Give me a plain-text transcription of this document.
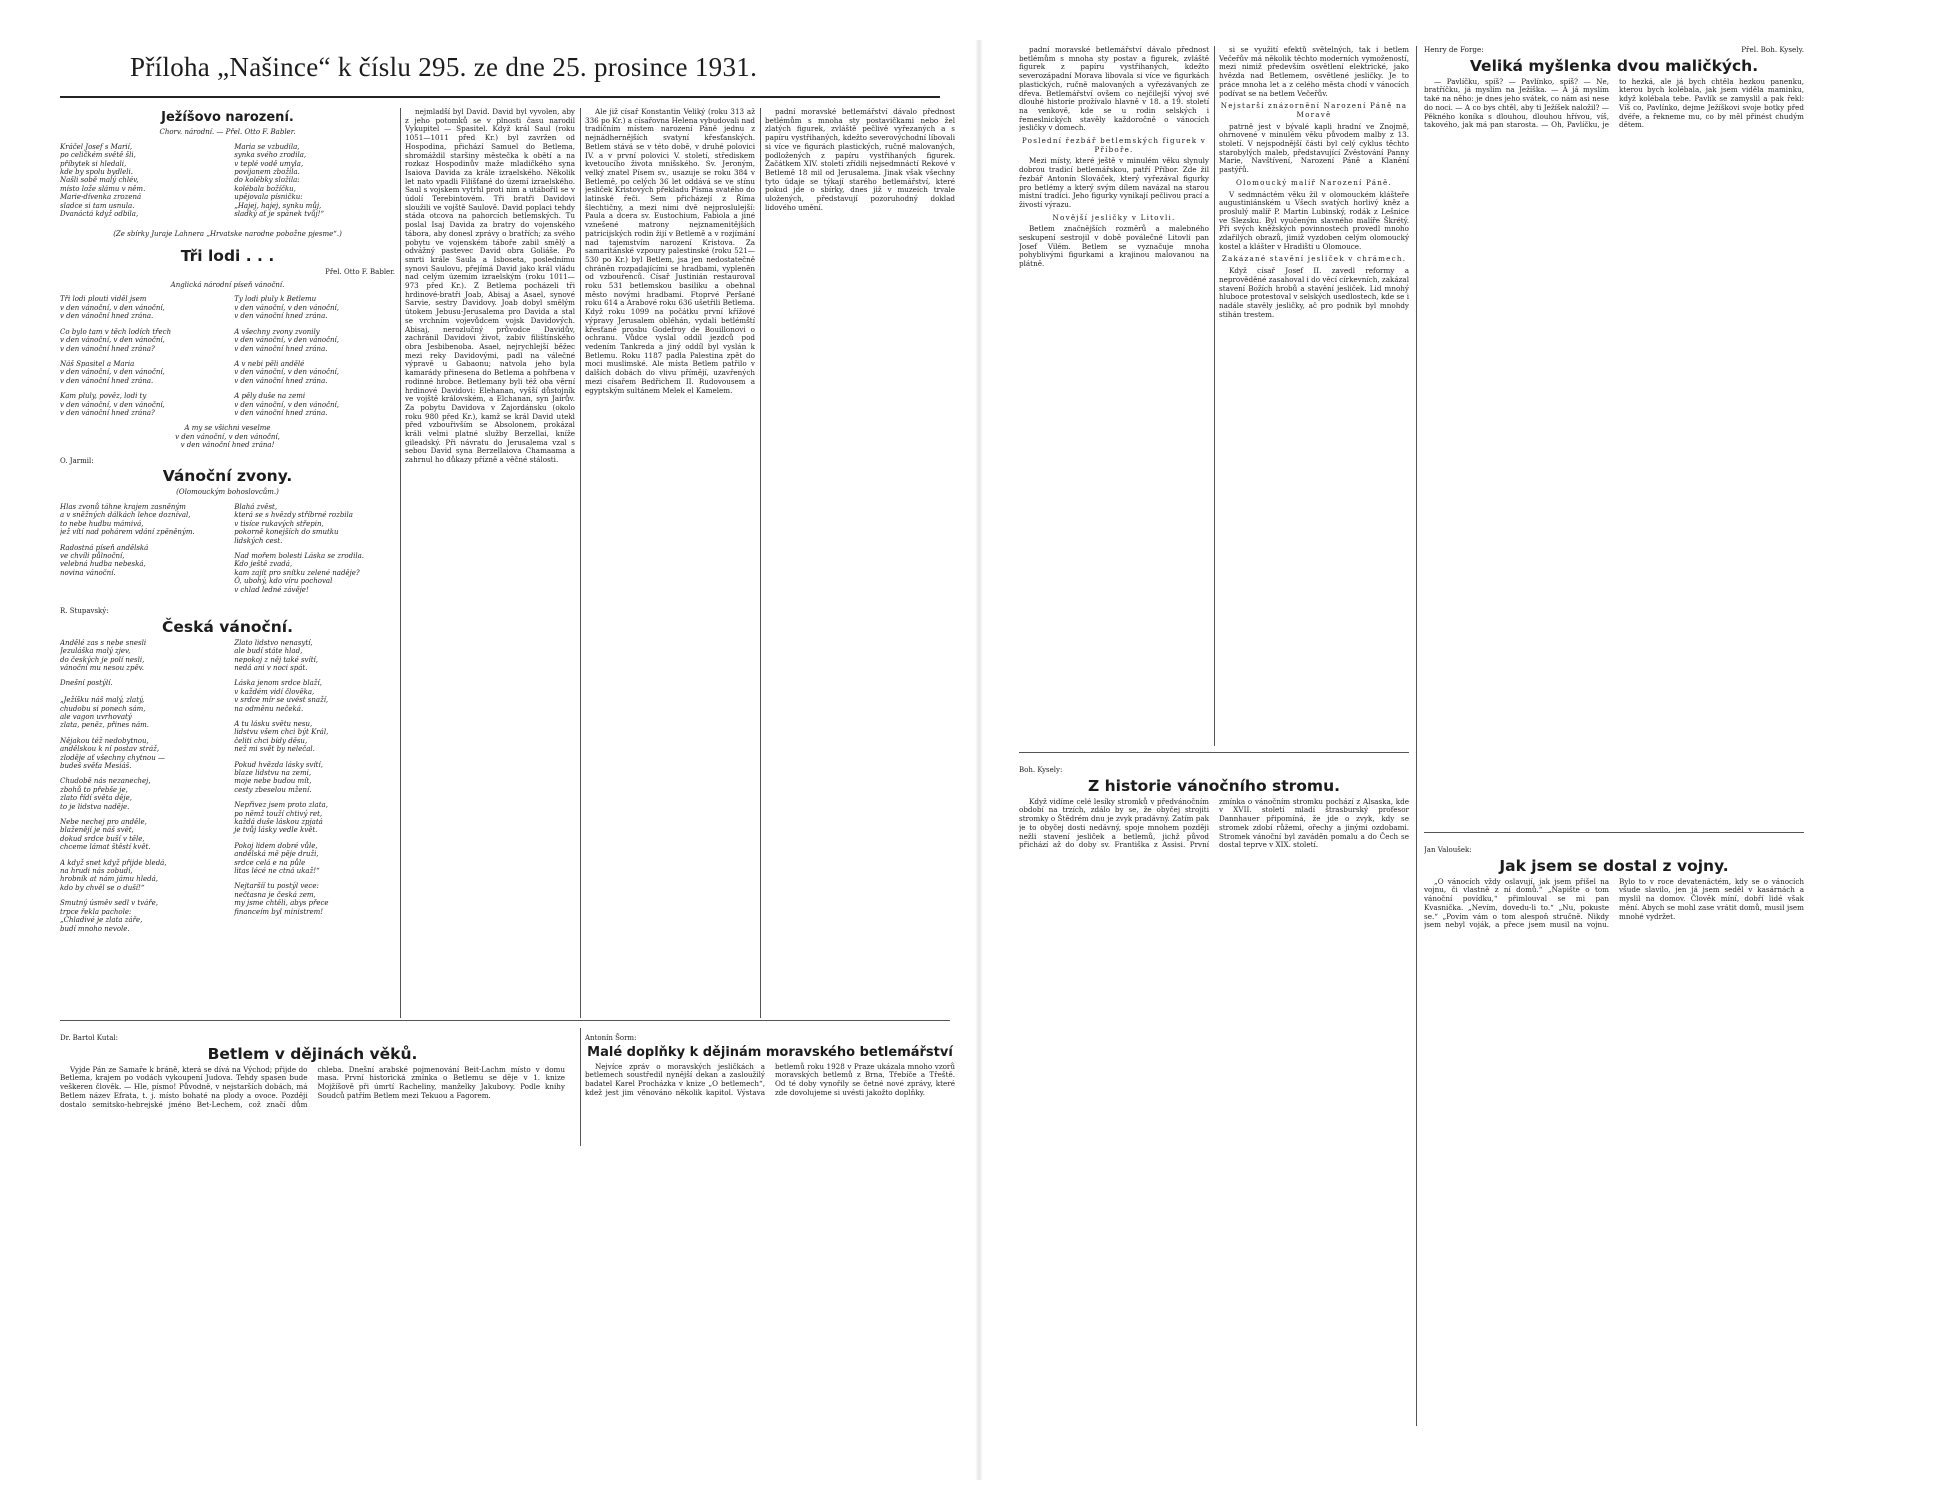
Příloha „Našince“ k číslu 295. ze dne 25. prosince 1931.
Ježíšovo narození.
Chorv. národní. — Přel. Otto F. Babler.
Kráčel Josef s Marií,
po celičkém světě šli,
příbytek si hledali,
kde by spolu bydleli.
Našli sobě malý chlév,
místo lože slámu v něm.
Marie-dívenka zrozená
sladce si tam usnula.
Dvanáctá když odbila,
Maria se vzbudila,
synka svého zrodila,
v teplé vodě umyla,
povijanem zbožila.
do kolébky složila:
kolébala božíčku,
upějovala písničku:
„Hajej, hajej, synku můj,
sladký ať je spánek tvůj!“
(Ze sbírky Juraje Lahnera „Hrvatske narodne pobožne pjesme“.)
Tři lodi . . .
Přel. Otto F. Babler.
Anglická národní píseň vánoční.
Tři lodi plouti viděl jsem
v den vánoční, v den vánoční,
v den vánoční hned zrána.
Co bylo tam v těch lodích třech
v den vánoční, v den vánoční,
v den vánoční hned zrána?
Náš Spasitel a Maria
v den vánoční, v den vánoční,
v den vánoční hned zrána.
Kam pluly, pověz, lodi ty
v den vánoční, v den vánoční,
v den vánoční hned zrána?
Ty lodi pluly k Betlemu
v den vánoční, v den vánoční,
v den vánoční hned zrána.
A všechny zvony zvonily
v den vánoční, v den vánoční,
v den vánoční hned zrána.
A v nebi pěli andělé
v den vánoční, v den vánoční,
v den vánoční hned zrána.
A pěly duše na zemi
v den vánoční, v den vánoční,
v den vánoční hned zrána.
A my se všichni veselme
v den vánoční, v den vánoční,
v den vánoční hned zrána!
O. Jarmil:
Vánoční zvony.
(Olomouckým bohoslovcům.)
Hlas zvonů táhne krajem zasněným
a v sněžných dálkách lehce dozníval,
to nebe hudbu mámivá,
jež vítí nad pohárem vdání zpěněným.
Radostná píseň andělská
ve chvíli půlnoční,
velebná hudba nebeská,
novina vánoční.
Blahá zvěst,
která se s hvězdy stříbrné rozbila
v tisíce rukavých střepin,
pokorně konejších do smutku
lidských cest.
Nad mořem bolesti Láska se zrodila.
Kdo ještě zvadá,
kam zajít pro snítku zelené naděje?
Ó, ubohý, kdo víru pochoval
v chlad ledné závěje!
R. Stupavský:
Česká vánoční.
Andělé zas s nebe snesli
Jezuláška malý zjev,
do českých je polí nesli,
vánoční mu nesou zpěv.
Dnešní postýlí.

„Ježíšku náš malý, zlatý,
chudobu si ponech sám,
ale vagon uvrhovatý
zlata, peněz, přines nám.
Nějakou též nedobytnou,
andělskou k ní postav stráž,
zloděje ať všechny chytnou —
budeš svěťa Mesiáš.
Chudobě nás nezanechej,
zbohů to přebše je,
zlato řídí světa děje,
to je lidstva naděje.
Nebe nechej pro anděle,
blaženějí je náš svět,
dokud srdce buší v těle,
chceme lámat štěstí květ.
A když snet když přijde bledá,
na hrudi nás zobudí,
hrobník at nám jámu hledá,
kdo by chvěl se o duší!“
Smutný úsměv sedl v tváře,
trpce řekla pachole:
„Chladivé je zlata záře,
budí mnoho nevole.
Zlato lidstvo nenasytí,
ale budí státe hlad,
nepokoj z něj také svítí,
nedá ani v noci spát.
Láska jenom srdce blaží,
v každém vidí člověka,
v srdce mír se uvést snaží,
na odměnu nečeká.
A tu lásku světu nesu,
lidstvu všem chci být Král,
čeliti chci bídy děsu,
než mi svět by nelečal.
Pokud hvězda lásky svítí,
blaze lidstvu na zemi,
moje nebe budou mít,
cesty zbeselou mžení.
Nepřivez jsem proto zlata,
po němž touží chtivý ret,
každá duše láskou zpjatá
je tvůj lásky vedle květ.
Pokoj lidem dobré vůle,
andělská mě pěje druži,
srdce celá e na půle
litas lécé ne ctná ukaž!“
Nejtaršíí tu postýl vece:
nečtasna je česká zem,
my jsme chtěli, abys přece
financeím byl ministrem!

nejmladší byl David. David byl vyvolen, aby z jeho potomků se v plnosti času narodil Vykupitel — Spasitel. Když král Saul (roku 1051—1011 před Kr.) byl zavržen od Hospodina, přichází Samuel do Betlema, shromáždil staršiny městečka k obětí a na rozkaz Hospodinův maže mladičkého syna Isaiova Davida za krále izraelského. Několik let nato vpadli Filišťané do území izraelského. Saul s vojskem vytrhl proti nim a utábořil se v údolí Terebintovém. Tři bratři Davidovi sloužili ve vojště Saulově. David poplaci tehdy stáda otcova na pahorcích betlemských. Tu poslal Isaj Davida za bratry do vojenského tábora, aby donesl zprávy o bratřích; za svého pobytu ve vojenském táboře zabil smělý a odvážný pastevec David obra Goliáše. Po smrti krále Saula a Isboseta, poslednímu synovi Saulovu, přejímá David jako král vládu nad celým územím izraelským (roku 1011—973 před Kr.). Z Betlema pocházeli tři hrdinové-bratři Joab, Abisaj a Asael, synové Sarvie, sestry Davidovy. Joab dobyl smělým útokem Jebusu-Jerusalema pro Davida a stal se vrchním vojevůdcem vojsk Davidových. Abisaj, nerozlučný průvodce Davidův, zachránil Davidovi život, zabiv filištínského obra Jesbibenoba. Asael, nejrychlejší běžec mezi reky Davidovými, padl na válečné výpravě u Gabaonu; natvola jeho byla kamarády přinesena do Betlema a pohřbena v rodinné hrobce. Betlemany byli též oba věrní hrdinové Davidovi: Elehanan, vyšší důstojník ve vojště královském, a Elchanan, syn Jairův. Za pobytu Davidova v Zajordánsku (okolo roku 980 před Kr.), kamž se král David utekl před vzbouřivším se Absolonem, prokázal králi velmi platné služby Berzellai, kníže gileadský. Při návratu do Jerusalema vzal s sebou David syna Berzellaiova Chamaama a zahrnul ho důkazy přízně a věčné stálosti.

Ale již císař Konstantin Veliký (roku 313 až 336 po Kr.) a císařovna Helena vybudovali nad tradičním místem narození Páně jednu z nejnádhernějších svatyní křesťanských. Betlem stává se v této době, v druhé polovici IV. a v první polovici V. století, střediskem kvetoucího života mnišského. Sv. Jeroným, velký znatel Písem sv., usazuje se roku 384 v Betlemě, po celých 36 let oddává se ve stínu jesliček Kristových překladu Písma svatého do latinské řeči. Sem přicházejí z Říma šlechtičny, a mezi nimi dvě nejproslulejší: Paula a dcera sv. Eustochium, Fabiola a jiné vznešené matrony nejznamenitějších patricijských rodin žijí v Betlemě a v rozjímání nad tajemstvím narození Kristova. Za samaritánské vzpoury palestinské (roku 521—530 po Kr.) byl Betlem, jsa jen nedostatečně chráněn rozpadajícími se hradbami, vypleněn od vzbouřenců. Císař Justinián restauroval roku 531 betlemskou basiliku a obehnal město novými hradbami. Ftoprvé Peršané roku 614 a Arabové roku 636 ušetřili Betlema. Když roku 1099 na počátku první křížové výpravy Jerusalem obléhán, vydali betlémští křesťané prosbu Godefroy de Bouillonovi o ochranu. Vůdce vyslal oddíl jezdců pod vedením Tankreda a jiný oddíl byl vyslán k Betlemu. Roku 1187 padla Palestina zpět do moci muslimské. Ale místa Betlem patřilo v dalších dobách do vlivu přímějí, uzavřených mezi císařem Bedřichem II. Rudovousem a egyptským sultánem Melek el Kamelem.

padní moravské betlemářství dávalo přednost betlémům s mnoha sty postavičkami nebo žel zlatých figurek, zvláště pečlivě vyřezaných a s papíru vystřihaných, kdežto severovýchodní líbovali si více ve figurách plastických, ručně malovaných, podložených z papíru vystřihaných figurek. Začátkem XIV. století zřídili nejsedmnáctí Rekové v Betlemě 18 mil od Jerusalema. Jinak však všechny tyto údaje se týkají starého betlemářství, které pokud jde o sbírky, dnes již v muzeích trvale uložených, představují pozoruhodný doklad lidového umění.

Dr. Bartol Kutal:
Betlem v dějinách věků.

Vyjde Pán ze Samaře k bráně, která se dívá na Východ; přijde do Betlema, krajem po vodách vykoupení Judova. Tehdy spasen bude veškeren člověk. — Hle, písmo! Původně, v nejstarších dobách, má Betlem název Efrata, t. j. místo bohaté na plody a ovoce. Později dostalo semitsko-hebrejské jméno Bet-Lechem, což značí dům chleba. Dnešní arabské pojmenování Beit-Lachm místo v domu masa. První historická zmínka o Betlemu se děje v 1. knize Mojžíšově při úmrtí Racheliny, manželky Jakubovy. Podle knihy Soudců patřím Betlem mezi Tekuou a Fagorem.

Antonín Šorm:
Malé doplňky k dějinám moravského betlemářství

Nejvíce zpráv o moravských jesličkách a betlemech soustředil nynější dekan a zasloužilý badatel Karel Procházka v knize „O betlemech“, kdež jest jim věnováno několik kapitol. Výstava betlemů roku 1928 v Praze ukázala mnoho vzorů moravských betlemů z Brna, Třebíče a Třeště. Od té doby vynořily se četné nové zprávy, které zde dovolujeme si uvésti jakožto doplňky.

padní moravské betlemářství dávalo přednost betlémům s mnoha sty postav a figurek, zvláště figurek z papíru vystřihaných, kdežto severozápadní Morava libovala si více ve figurkách plastických, ručně malovaných a vyřezávaných ze dřeva. Betlemářství ovšem co nejčilejší vývoj své dlouhé historie prožívalo hlavně v 18. a 19. století na venkově, kde se u rodin selských i řemeslnických stavěly každoročně o vánocích jesličky v domech.

Poslední řezbář betlemských figurek v Příboře.

Mezi místy, které ještě v minulém věku slynuly dobrou tradicí betlemářskou, patří Příbor. Zde žil řezbář Antonín Slováček, který vyřezával figurky pro betlémy a který svým dílem navázal na starou místní tradici. Jeho figurky vynikají pečlivou prací a živostí výrazu.

Novější jesličky v Litovli.

Betlem značnějších rozměrů a malebného seskupení sestrojil v době poválečné Litovli pan Josef Vilém. Betlem se vyznačuje mnoha pohyblivými figurkami a krajinou malovanou na plátně.

si se využití efektů světelných, tak i betlem Večeřův má několik těchto moderních vymožeností, mezi nimiž především osvětlení elektrické, jako hvězda nad Betlemem, osvětlené jesličky. Je to práce mnoha let a z celého města chodí v vánocích podívat se na betlem Večeřův.

Nejstarší znázornění Narození Páně na Moravě

patrně jest v bývalé kapli hradní ve Znojmě, ohrnovené v minulém věku původem malby z 13. století. V nejspodnější části byl celý cyklus těchto starobylých maleb, představující Zvěstování Panny Marie, Navštívení, Narození Páně a Klanění pastýřů.

Olomoucký malíř Narození Páně.

V sedmnáctém věku žil v olomouckém klášteře augustiniánském u Všech svatých horlivý kněz a proslulý malíř P. Martin Lubinský, rodák z Lešnice ve Slezsku. Byl vyučeným slavného malíře Škrétý. Při svých kněžských povinnostech provedl mnoho zdařilých obrazů, jimiž vyzdoben celým olomoucký kostel a klášter v Hradišti u Olomouce.

Zakázané stavění jesliček v chrámech.

Když císař Josef II. zavedl reformy a neprověděné zasahoval i do věcí církevních, zakázal stavení Božích hrobů a stavění jesliček. Lid mnohý hluboce protestoval v selských usedlostech, kde se i nadále stavěly jesličky, ač pro podnik byl mnohdy stihán trestem.

Boh. Kysely:
Z historie vánočního stromu.

Když vidíme celé lesíky stromků v předvánočním období na trzích, zdálo by se, že obyčej strojiti stromky o Štědrém dnu je zvyk pradávný. Zatím pak je to obyčej dosti nedávný, spoje mnohem později nežli stavení jesliček a betlemů, jichž původ přichází až do doby sv. Františka z Assisi. První zmínka o vánočním stromku pochází z Alsaska, kde v XVII. století mladí štrasburský profesor Dannhauer připomíná, že jde o zvyk, kdy se stromek zdobí růžemi, ořechy a jinými ozdobami. Stromek vánoční byl zaváděn pomalu a do Čech se dostal teprve v XIX. století.

Henry de Forge:	Přel. Boh. Kysely.
Veliká myšlenka dvou maličkých.

— Pavlíčku, spíš? — Pavlínko, spíš? — Ne, bratříčku, já myslím na Ježíška. — A já myslím také na něho: je dnes jeho svátek, co nám asi nese do noci. — A co bys chtěl, aby ti Ježíšek naložil? — Pěkného koníka s dlouhou, dlouhou hřívou, víš, takového, jak má pan starosta. — Oh, Pavlíčku, je to hezká, ale já bych chtěla hezkou panenku, kterou bych kolébala, jak jsem viděla maminku, když kolébala tebe. Pavlík se zamyslil a pak řekl: Víš co, Pavlínko, dejme Ježíškovi svoje botky před dvéře, a řekneme mu, co by měl přinést chudým dětem.

Jan Valoušek:
Jak jsem se dostal z vojny.

„O vánocích vždy oslavují, jak jsem přišel na vojnu, či vlastně z ní domů.“ „Napište o tom vánoční povídku,“ přimlouval se mi pan Kvasnička. „Nevím, dovedu-li to.“ „Nu, pokuste se.“ „Povím vám o tom alespoň stručně. Nikdy jsem nebyl voják, a přece jsem musil na vojnu. Bylo to v roce devatenáctém, kdy se o vánocích všude slavilo, jen já jsem seděl v kasárnách a myslil na domov. Člověk míní, dobří lidé však mění. Abych se mohl zase vrátit domů, musil jsem mnohé vydržet.
